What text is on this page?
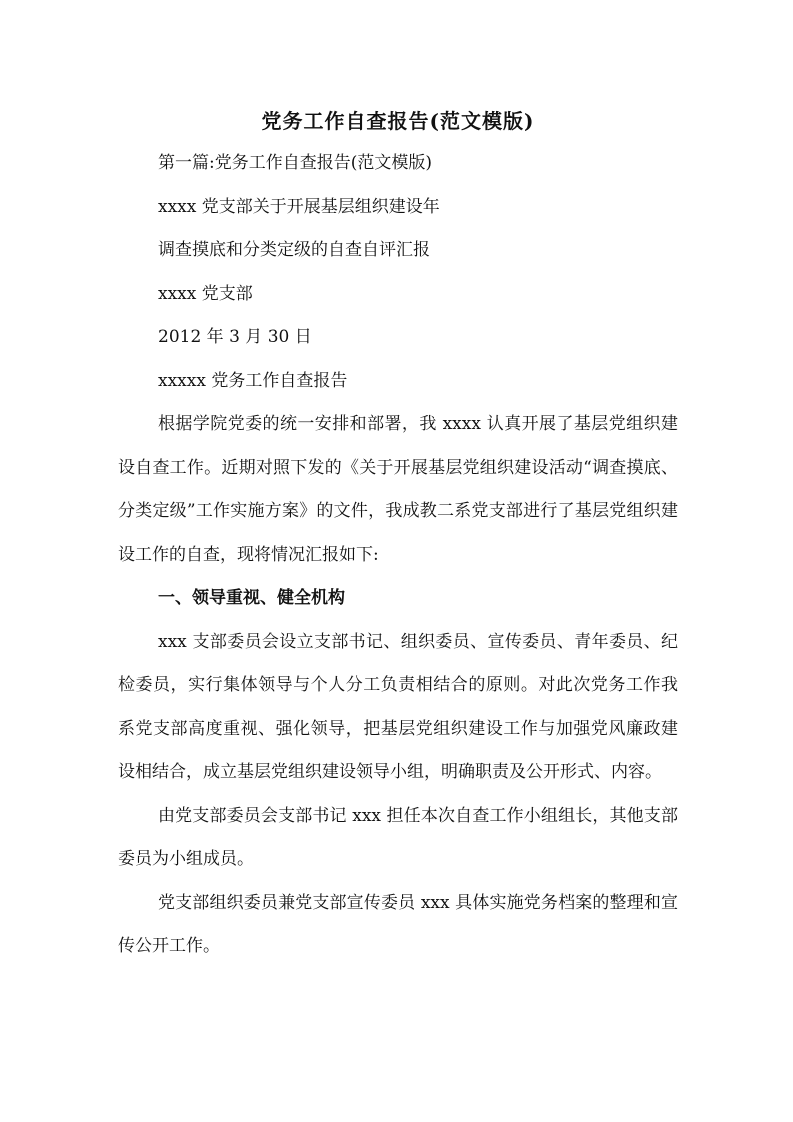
党务工作自查报告(范文模版)
第一篇:党务工作自查报告(范文模版)
xxxx 党支部关于开展基层组织建设年
调查摸底和分类定级的自查自评汇报
xxxx 党支部
2012 年 3 月 30 日
xxxxx 党务工作自查报告

根据学院党委的统一安排和部署，我 xxxx 认真开展了基层党组织建设自查工作。近期对照下发的《关于开展基层党组织建设活动“调查摸底、分类定级”工作实施方案》的文件，我成教二系党支部进行了基层党组织建设工作的自查，现将情况汇报如下:

一、领导重视、健全机构

xxx 支部委员会设立支部书记、组织委员、宣传委员、青年委员、纪检委员，实行集体领导与个人分工负责相结合的原则。对此次党务工作我系党支部高度重视、强化领导，把基层党组织建设工作与加强党风廉政建设相结合，成立基层党组织建设领导小组，明确职责及公开形式、内容。

由党支部委员会支部书记 xxx 担任本次自查工作小组组长，其他支部委员为小组成员。

党支部组织委员兼党支部宣传委员 xxx 具体实施党务档案的整理和宣传公开工作。
